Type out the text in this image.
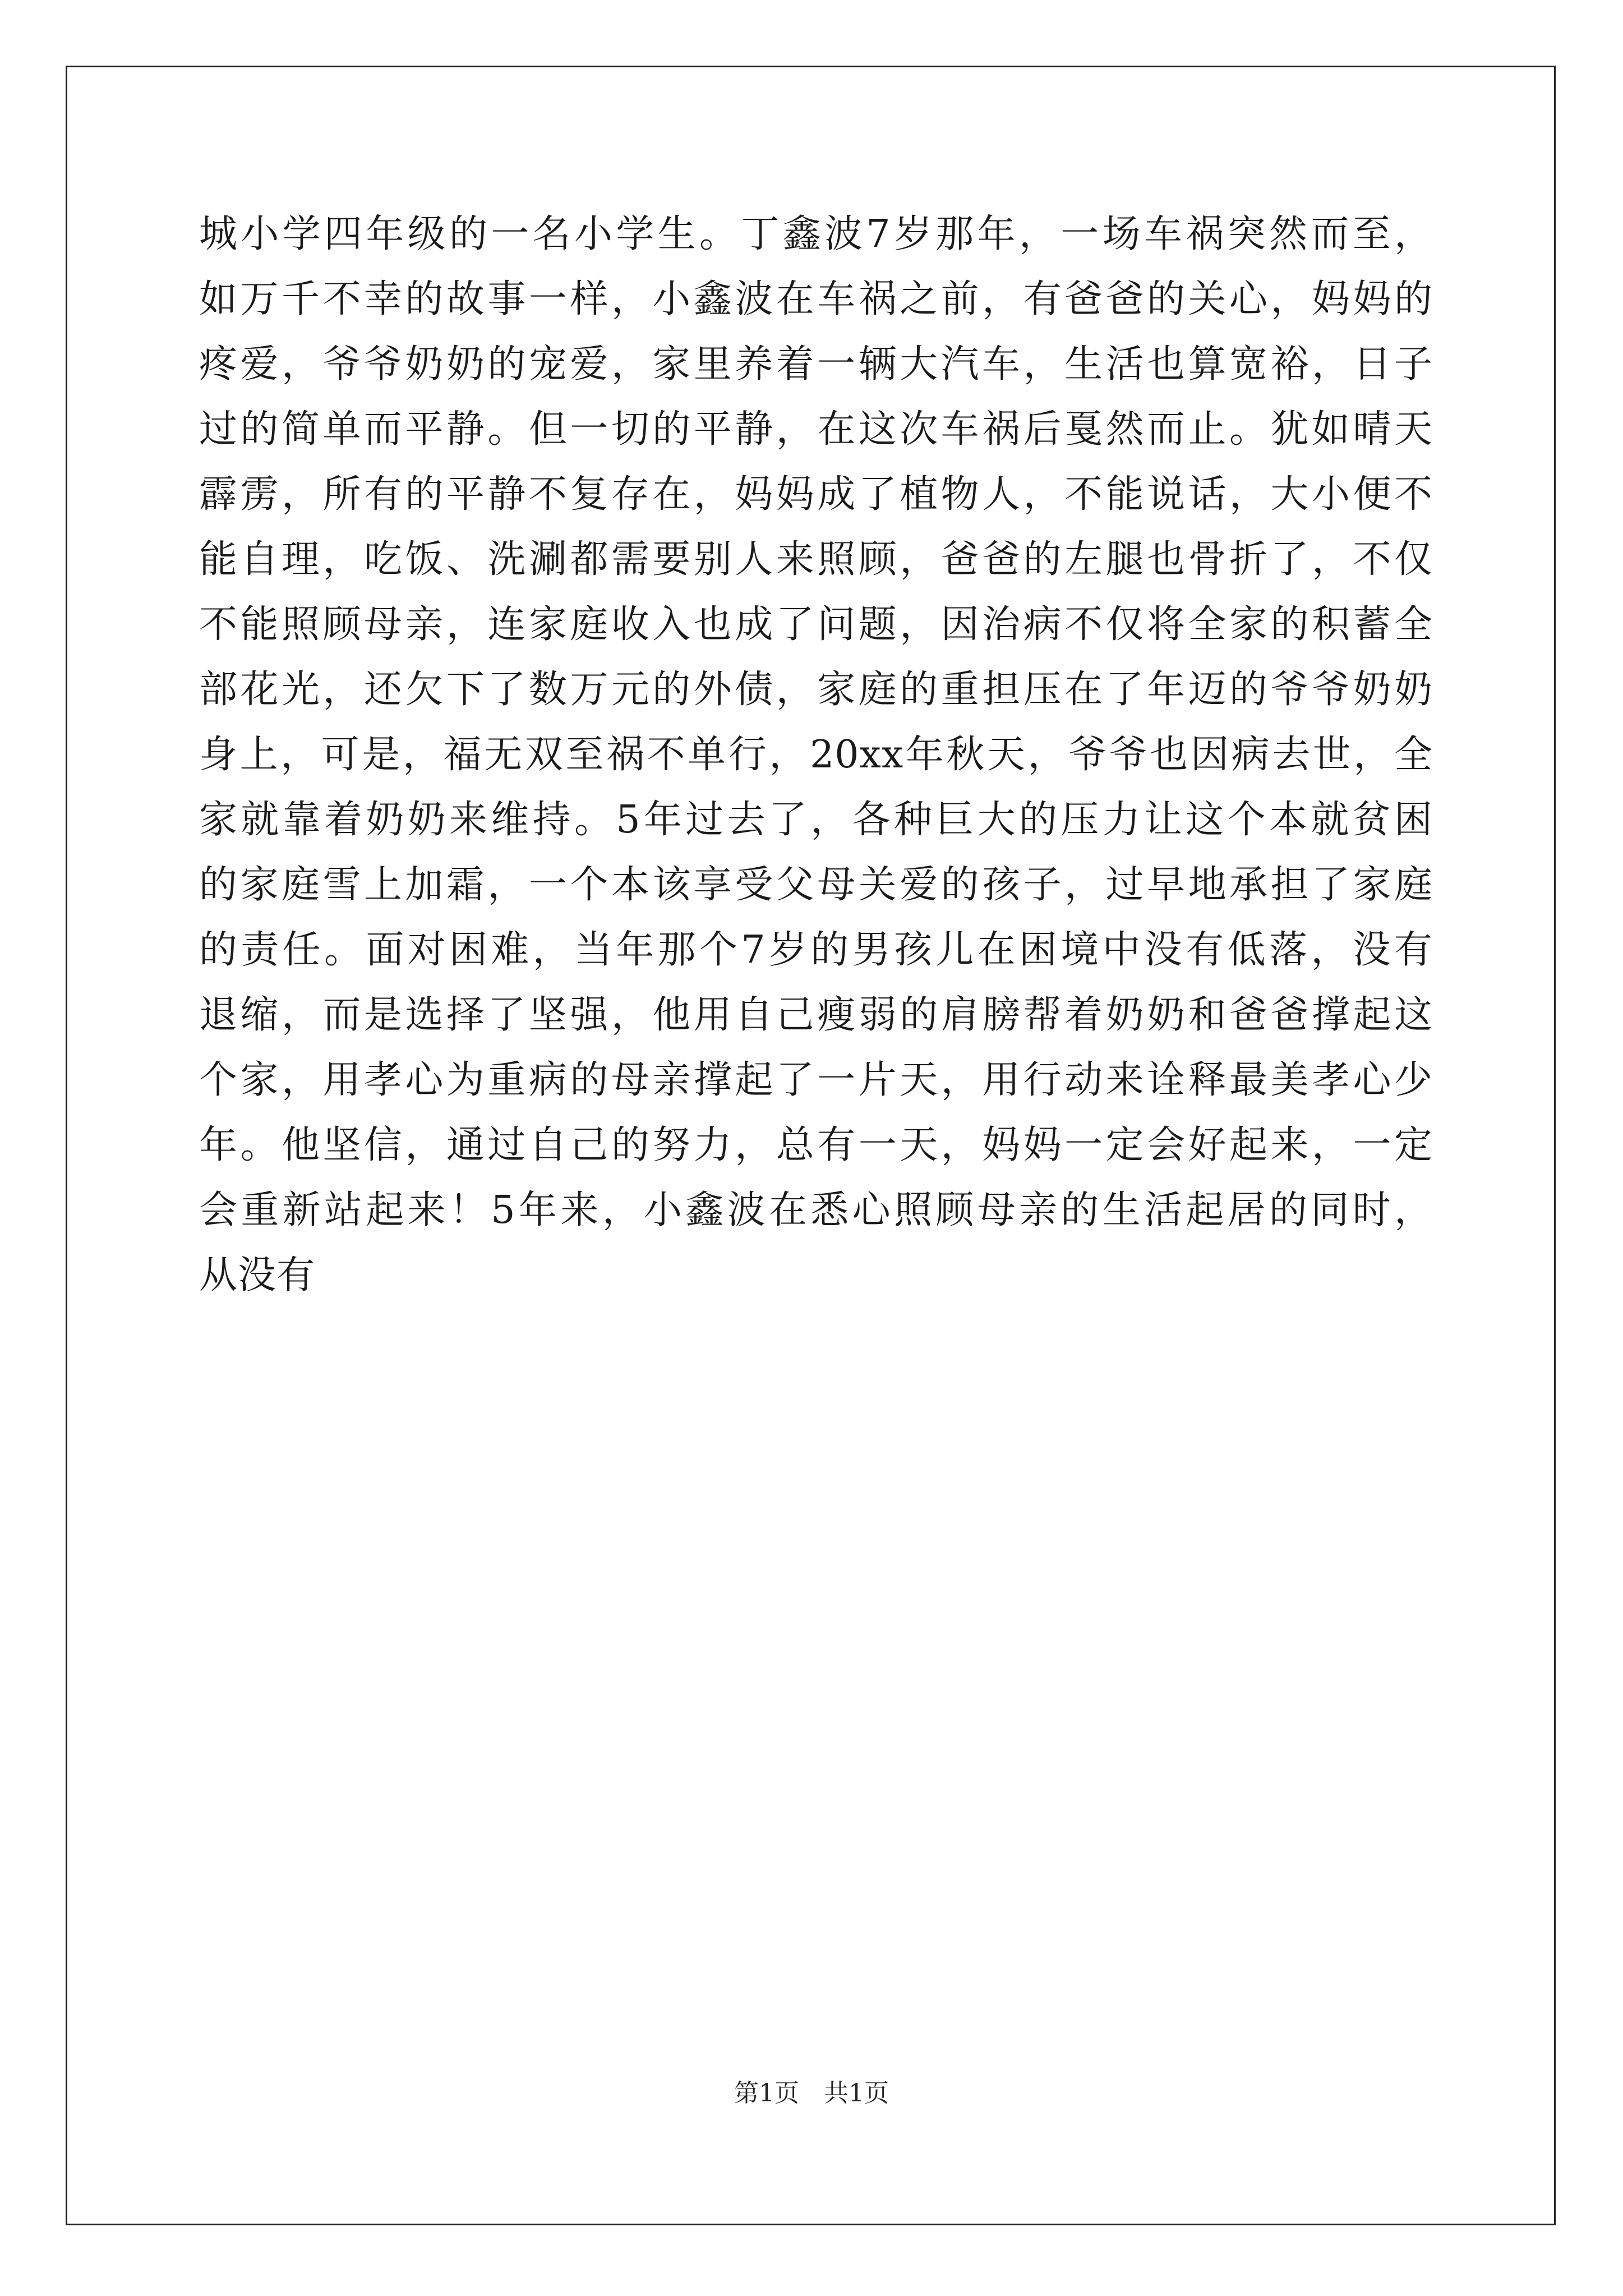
城小学四年级的一名小学生。丁鑫波7岁那年，一场车祸突然而至，
如万千不幸的故事一样，小鑫波在车祸之前，有爸爸的关心，妈妈的
疼爱，爷爷奶奶的宠爱，家里养着一辆大汽车，生活也算宽裕，日子
过的简单而平静。但一切的平静，在这次车祸后戛然而止。犹如晴天
霹雳，所有的平静不复存在，妈妈成了植物人，不能说话，大小便不
能自理，吃饭、洗涮都需要别人来照顾，爸爸的左腿也骨折了，不仅
不能照顾母亲，连家庭收入也成了问题，因治病不仅将全家的积蓄全
部花光，还欠下了数万元的外债，家庭的重担压在了年迈的爷爷奶奶
身上，可是，福无双至祸不单行，20xx年秋天，爷爷也因病去世，全
家就靠着奶奶来维持。5年过去了，各种巨大的压力让这个本就贫困
的家庭雪上加霜，一个本该享受父母关爱的孩子，过早地承担了家庭
的责任。面对困难，当年那个7岁的男孩儿在困境中没有低落，没有
退缩，而是选择了坚强，他用自己瘦弱的肩膀帮着奶奶和爸爸撑起这
个家，用孝心为重病的母亲撑起了一片天，用行动来诠释最美孝心少
年。他坚信，通过自己的努力，总有一天，妈妈一定会好起来，一定
会重新站起来！5年来，小鑫波在悉心照顾母亲的生活起居的同时，
从没有
第1页　共1页
